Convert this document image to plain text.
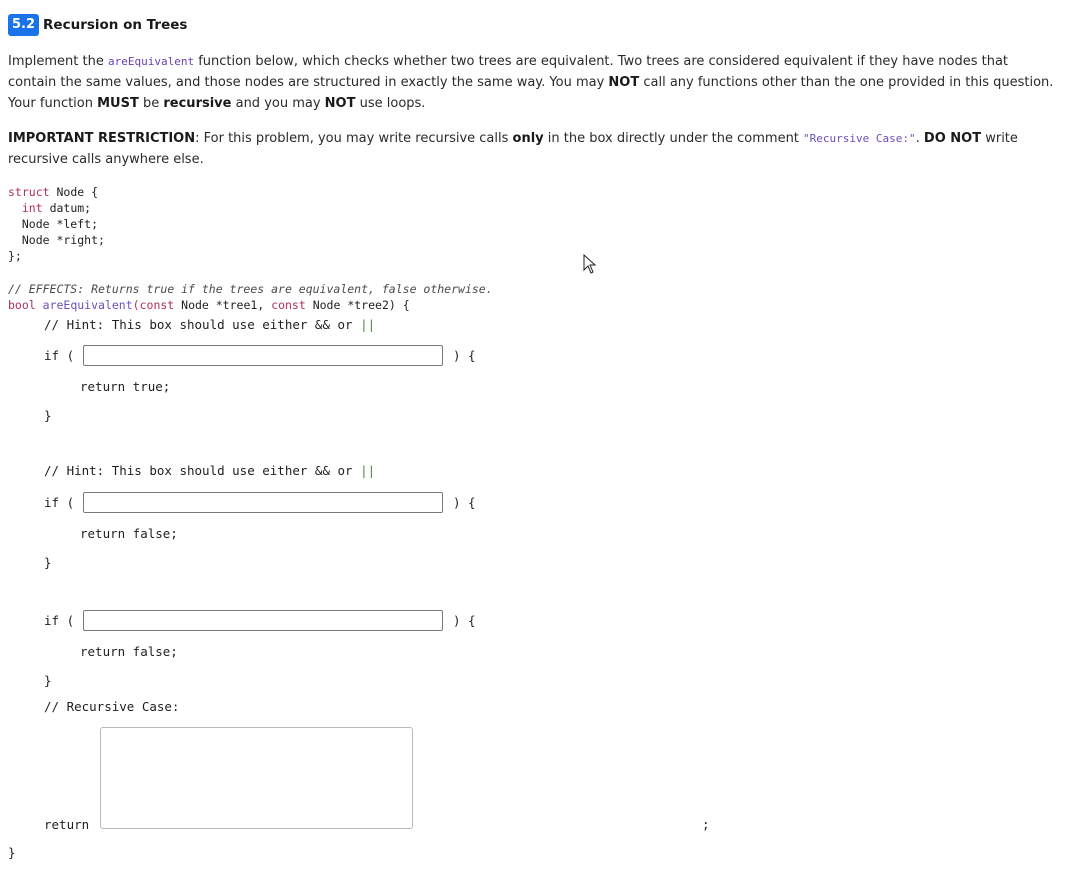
5.2 Recursion on Trees
Implement the areEquivalent function below, which checks whether two trees are equivalent. Two trees are considered equivalent if they have nodes that contain the same values, and those nodes are structured in exactly the same way. You may NOT call any functions other than the one provided in this question. Your function MUST be recursive and you may NOT use loops.
IMPORTANT RESTRICTION: For this problem, you may write recursive calls only in the box directly under the comment "Recursive Case:". DO NOT write recursive calls anywhere else.
struct Node {
int datum;
Node *left;
Node *right;
};
// EFFECTS: Returns true if the trees are equivalent, false otherwise.
bool areEquivalent(const Node *tree1, const Node *tree2) {
// Hint: This box should use either && or ||
if (	) {
return true;
}
// Hint: This box should use either && or ||
if (	) {
return false;
}
if (	) {
return false;
}
// Recursive Case:
return	;
}
